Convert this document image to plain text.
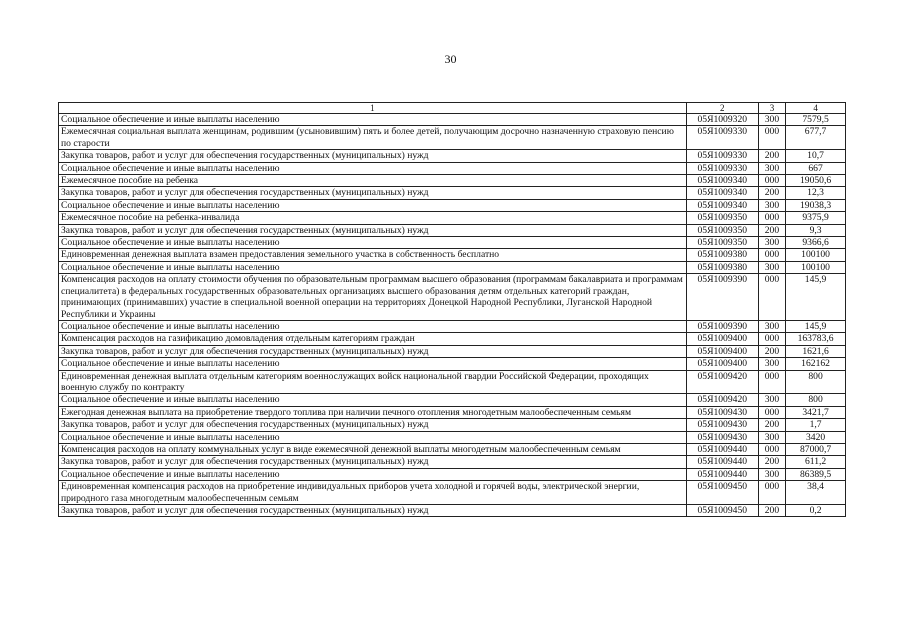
30
1	2	3	4
Социальное обеспечение и иные выплаты населению	05Я1009320	300	7579,5
Ежемесячная социальная выплата женщинам, родившим (усыновившим) пять и более детей, получающим досрочно назначенную страховую пенсию по старости	05Я1009330	000	677,7
Закупка товаров, работ и услуг для обеспечения государственных (муниципальных) нужд	05Я1009330	200	10,7
Социальное обеспечение и иные выплаты населению	05Я1009330	300	667
Ежемесячное пособие на ребенка	05Я1009340	000	19050,6
Закупка товаров, работ и услуг для обеспечения государственных (муниципальных) нужд	05Я1009340	200	12,3
Социальное обеспечение и иные выплаты населению	05Я1009340	300	19038,3
Ежемесячное пособие на ребенка-инвалида	05Я1009350	000	9375,9
Закупка товаров, работ и услуг для обеспечения государственных (муниципальных) нужд	05Я1009350	200	9,3
Социальное обеспечение и иные выплаты населению	05Я1009350	300	9366,6
Единовременная денежная выплата взамен предоставления земельного участка в собственность бесплатно	05Я1009380	000	100100
Социальное обеспечение и иные выплаты населению	05Я1009380	300	100100
Компенсация расходов на оплату стоимости обучения по образовательным программам высшего образования (программам бакалавриата и программам специалитета) в федеральных государственных образовательных организациях высшего образования детям отдельных категорий граждан, принимающих (принимавших) участие в специальной военной операции на территориях Донецкой Народной Республики, Луганской Народной Республики и Украины	05Я1009390	000	145,9
Социальное обеспечение и иные выплаты населению	05Я1009390	300	145,9
Компенсация расходов на газификацию домовладения отдельным категориям граждан	05Я1009400	000	163783,6
Закупка товаров, работ и услуг для обеспечения государственных (муниципальных) нужд	05Я1009400	200	1621,6
Социальное обеспечение и иные выплаты населению	05Я1009400	300	162162
Единовременная денежная выплата отдельным категориям военнослужащих войск национальной гвардии Российской Федерации, проходящих военную службу по контракту	05Я1009420	000	800
Социальное обеспечение и иные выплаты населению	05Я1009420	300	800
Ежегодная денежная выплата на приобретение твердого топлива при наличии печного отопления многодетным малообеспеченным семьям	05Я1009430	000	3421,7
Закупка товаров, работ и услуг для обеспечения государственных (муниципальных) нужд	05Я1009430	200	1,7
Социальное обеспечение и иные выплаты населению	05Я1009430	300	3420
Компенсация расходов на оплату коммунальных услуг в виде ежемесячной денежной выплаты многодетным малообеспеченным семьям	05Я1009440	000	87000,7
Закупка товаров, работ и услуг для обеспечения государственных (муниципальных) нужд	05Я1009440	200	611,2
Социальное обеспечение и иные выплаты населению	05Я1009440	300	86389,5
Единовременная компенсация расходов на приобретение индивидуальных приборов учета холодной и горячей воды, электрической энергии, природного газа многодетным малообеспеченным семьям	05Я1009450	000	38,4
Закупка товаров, работ и услуг для обеспечения государственных (муниципальных) нужд	05Я1009450	200	0,2
